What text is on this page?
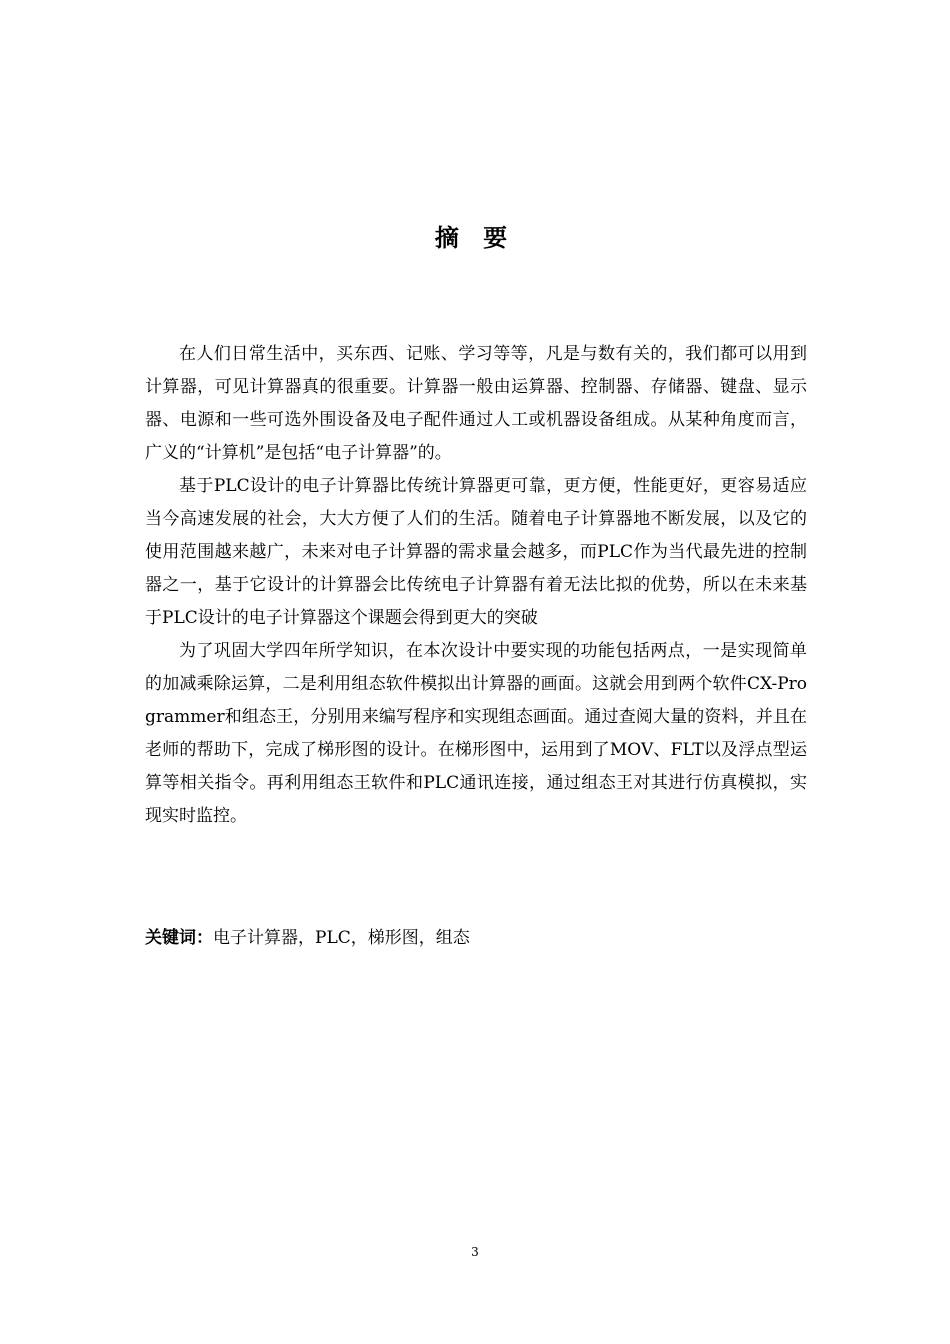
摘 要

在人们日常生活中，买东西、记账、学习等等，凡是与数有关的，我们都可以用到计算器，可见计算器真的很重要。计算器一般由运算器、控制器、存储器、键盘、显示器、电源和一些可选外围设备及电子配件通过人工或机器设备组成。从某种角度而言，广义的“计算机”是包括“电子计算器”的。

基于PLC设计的电子计算器比传统计算器更可靠，更方便，性能更好，更容易适应当今高速发展的社会，大大方便了人们的生活。随着电子计算器地不断发展，以及它的使用范围越来越广，未来对电子计算器的需求量会越多，而PLC作为当代最先进的控制器之一，基于它设计的计算器会比传统电子计算器有着无法比拟的优势，所以在未来基于PLC设计的电子计算器这个课题会得到更大的突破

为了巩固大学四年所学知识，在本次设计中要实现的功能包括两点，一是实现简单的加减乘除运算，二是利用组态软件模拟出计算器的画面。这就会用到两个软件CX-Programmer和组态王，分别用来编写程序和实现组态画面。通过查阅大量的资料，并且在老师的帮助下，完成了梯形图的设计。在梯形图中，运用到了MOV、FLT以及浮点型运算等相关指令。再利用组态王软件和PLC通讯连接，通过组态王对其进行仿真模拟，实现实时监控。

关键词：电子计算器，PLC，梯形图，组态
3
